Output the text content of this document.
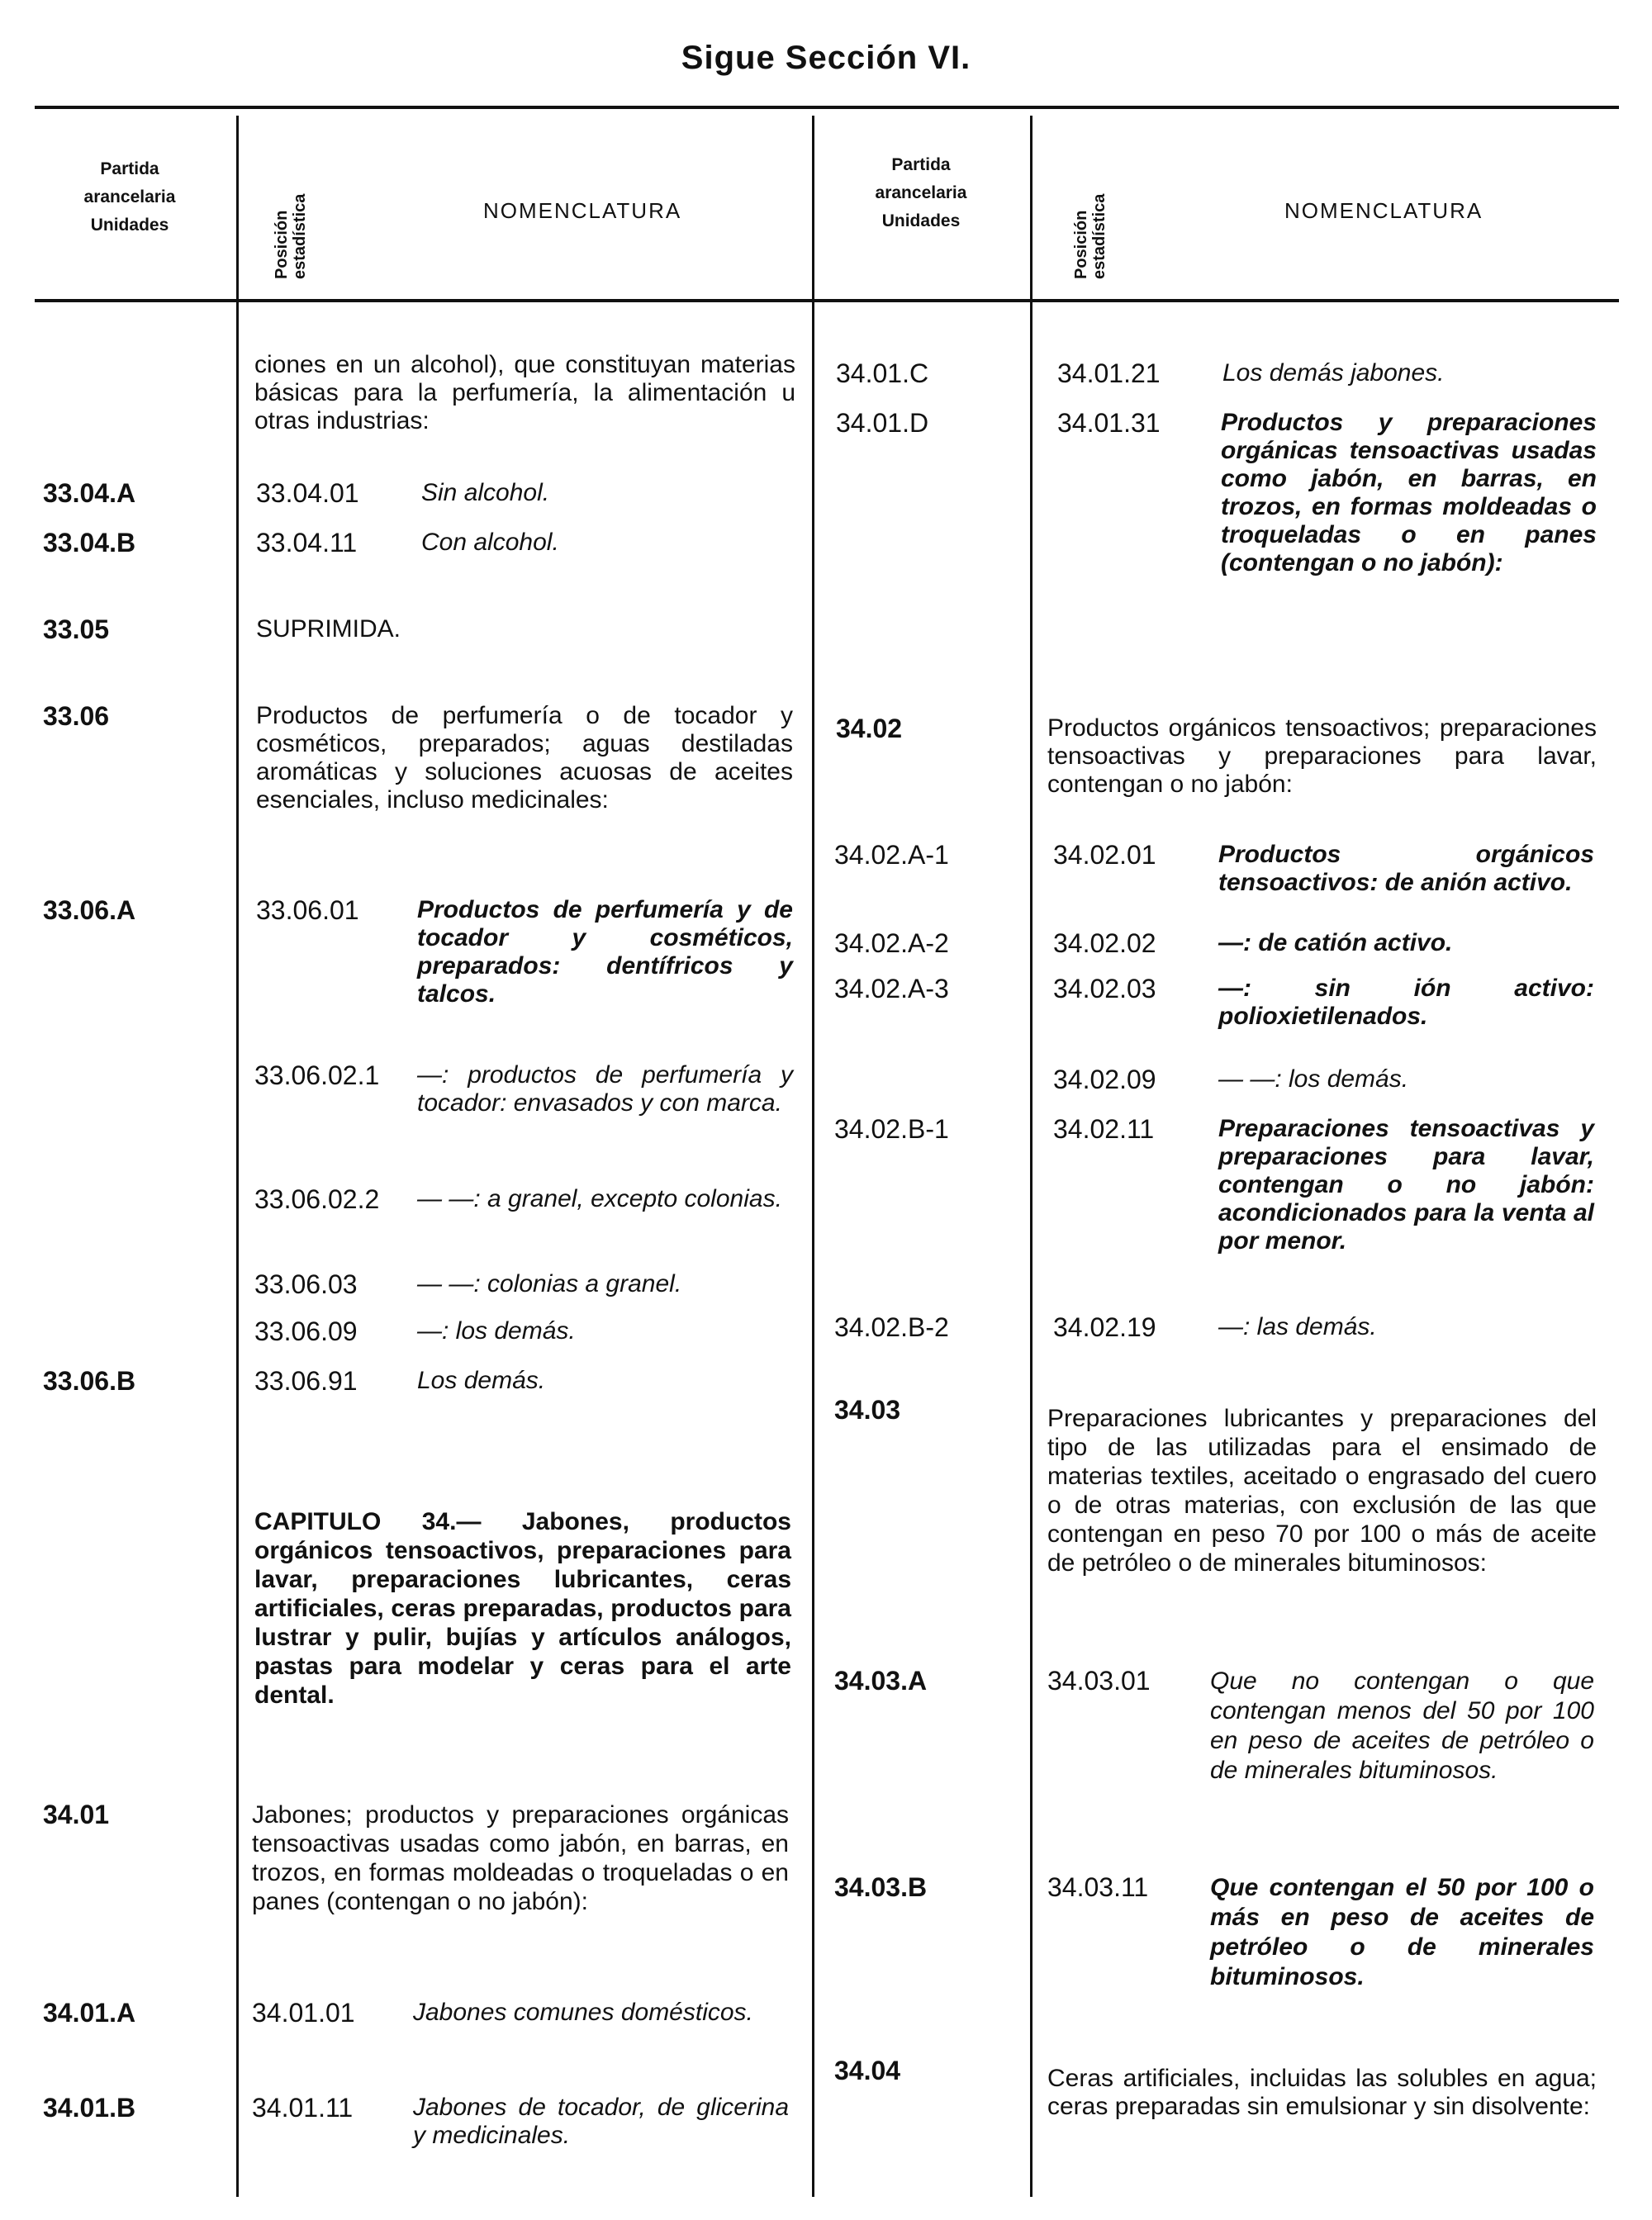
Sigue Sección VI.
Partida
arancelaria
Unidades	Posición estadística	NOMENCLATURA
Partida
arancelaria
Unidades	Posición estadística	NOMENCLATURA
ciones en un alcohol), que constituyan materias básicas para la perfumería, la alimentación u otras industrias:
33.04.A	33.04.01	Sin alcohol.
33.04.B	33.04.11	Con alcohol.
33.05	SUPRIMIDA.
33.06	Productos de perfumería o de tocador y cosméticos, preparados; aguas destiladas aromáticas y soluciones acuosas de aceites esenciales, incluso medicinales:
33.06.A	33.06.01 Productos de perfumería y de tocador y cosméticos, preparados: dentífricos y talcos.
33.06.02.1 —: productos de perfumería y tocador: envasados y con marca.
33.06.02.2 — —: a granel, excepto colonias.
33.06.03 — —: colonias a granel.
33.06.09 —: los demás.
33.06.B	33.06.91 Los demás.
CAPITULO 34.— Jabones, productos orgánicos tensoactivos, preparaciones para lavar, preparaciones lubricantes, ceras artificiales, ceras preparadas, productos para lustrar y pulir, bujías y artículos análogos, pastas para modelar y ceras para el arte dental.
34.01	Jabones; productos y preparaciones orgánicas tensoactivas usadas como jabón, en barras, en trozos, en formas moldeadas o troqueladas o en panes (contengan o no jabón):
34.01.A	34.01.01 Jabones comunes domésticos.
34.01.B	34.01.11 Jabones de tocador, de glicerina y medicinales.
34.01.C	34.01.21	Los demás jabones.
34.01.D	34.01.31 Productos y preparaciones orgánicas tensoactivas usadas como jabón, en barras, en trozos, en formas moldeadas o troqueladas o en panes (contengan o no jabón):
34.02	Productos orgánicos tensoactivos; preparaciones tensoactivas y preparaciones para lavar, contengan o no jabón:
34.02.A-1	34.02.01	Productos orgánicos tensoactivos: de anión activo.
34.02.A-2	34.02.02	—: de catión activo.
34.02.A-3	34.02.03	—: sin ión activo: polioxietilenados.
34.02.09	— —: los demás.
34.02.B-1	34.02.11	Preparaciones tensoactivas y preparaciones para lavar, contengan o no jabón: acondicionados para la venta al por menor.
34.02.B-2	34.02.19	—: las demás.
34.03	Preparaciones lubricantes y preparaciones del tipo de las utilizadas para el ensimado de materias textiles, aceitado o engrasado del cuero o de otras materias, con exclusión de las que contengan en peso 70 por 100 o más de aceite de petróleo o de minerales bituminosos:
34.03.A	34.03.01 Que no contengan o que contengan menos del 50 por 100 en peso de aceites de petróleo o de minerales bituminosos.
34.03.B	34.03.11 Que contengan el 50 por 100 o más en peso de aceites de petróleo o de minerales bituminosos.
34.04	Ceras artificiales, incluidas las solubles en agua; ceras preparadas sin emulsionar y sin disolvente:
